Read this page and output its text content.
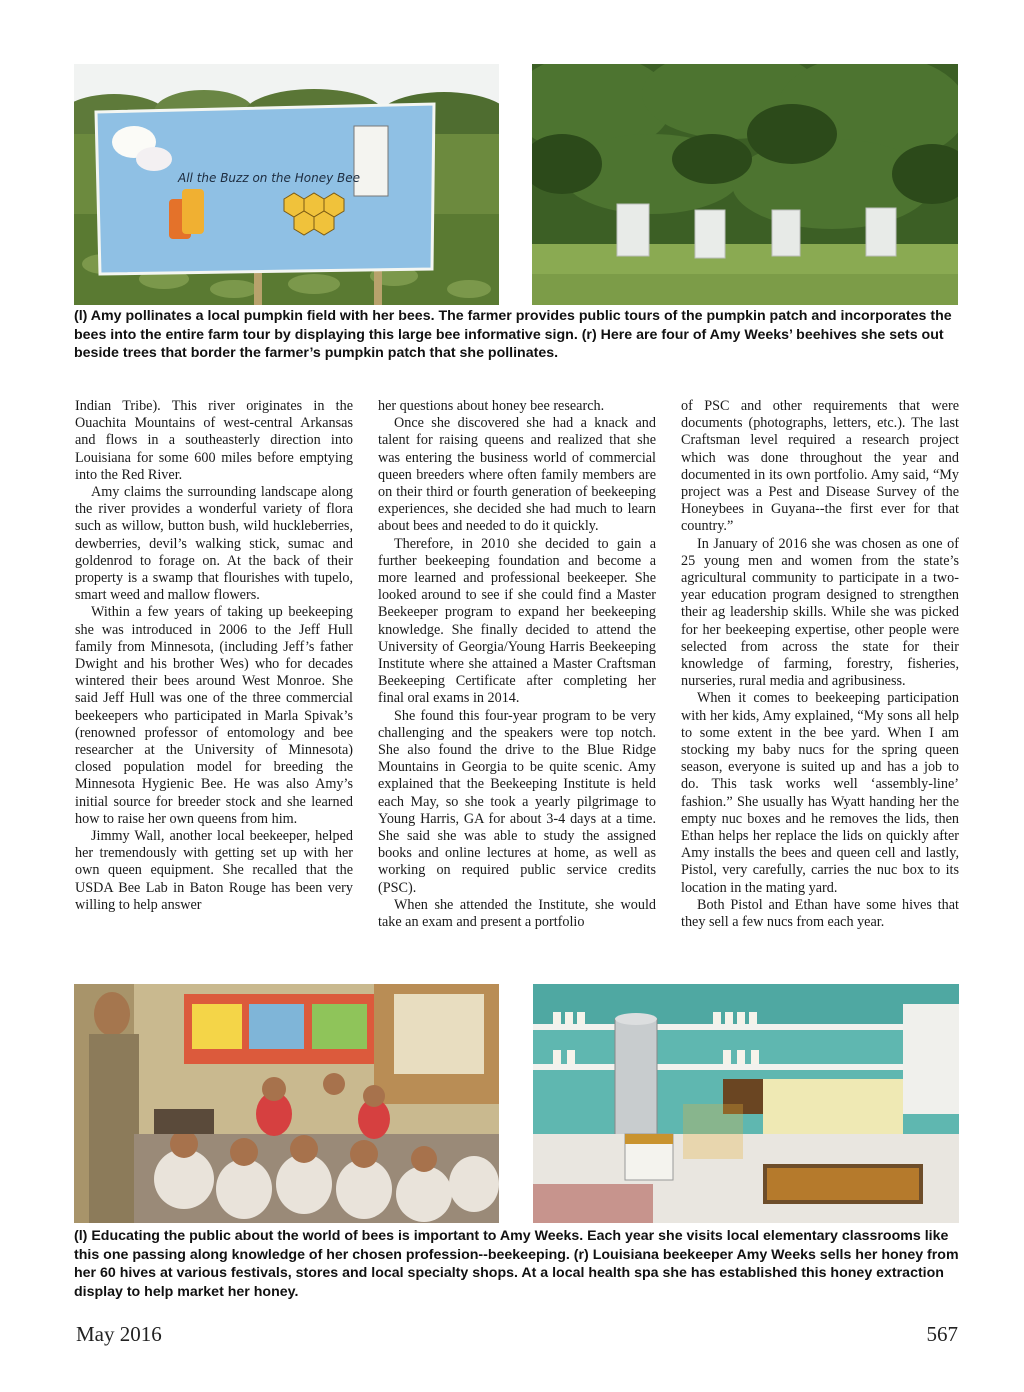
All the Buzz on the Honey Bee
(l) Amy pollinates a local pumpkin field with her bees. The farmer provides public tours of the pumpkin patch and incorporates the bees into the entire farm tour by displaying this large bee informative sign. (r) Here are four of Amy Weeks’ beehives she sets out beside trees that border the farmer’s pumpkin patch that she pollinates.

Indian Tribe). This river originates in the Ouachita Mountains of west-central Arkansas and flows in a southeasterly direction into Louisiana for some 600 miles before emptying into the Red River.

Amy claims the surrounding landscape along the river provides a wonderful variety of flora such as willow, button bush, wild huckleberries, dewberries, devil’s walking stick, sumac and goldenrod to forage on. At the back of their property is a swamp that flourishes with tupelo, smart weed and mallow flowers.

Within a few years of taking up beekeeping she was introduced in 2006 to the Jeff Hull family from Minnesota, (including Jeff’s father Dwight and his brother Wes) who for decades wintered their bees around West Monroe. She said Jeff Hull was one of the three commercial beekeepers who participated in Marla Spivak’s (renowned professor of entomology and bee researcher at the University of Minnesota) closed population model for breeding the Minnesota Hygienic Bee. He was also Amy’s initial source for breeder stock and she learned how to raise her own queens from him.

Jimmy Wall, another local beekeeper, helped her tremendously with getting set up with her own queen equipment. She recalled that the USDA Bee Lab in Baton Rouge has been very willing to help answer

her questions about honey bee research.

Once she discovered she had a knack and talent for raising queens and realized that she was entering the business world of commercial queen breeders where often family members are on their third or fourth generation of beekeeping experiences, she decided she had much to learn about bees and needed to do it quickly.

Therefore, in 2010 she decided to gain a further beekeeping foundation and become a more learned and professional beekeeper. She looked around to see if she could find a Master Beekeeper program to expand her beekeeping knowledge. She finally decided to attend the University of Georgia/Young Harris Beekeeping Institute where she attained a Master Craftsman Beekeeping Certificate after completing her final oral exams in 2014.

She found this four-year program to be very challenging and the speakers were top notch. She also found the drive to the Blue Ridge Mountains in Georgia to be quite scenic. Amy explained that the Beekeeping Institute is held each May, so she took a yearly pilgrimage to Young Harris, GA for about 3-4 days at a time. She said she was able to study the assigned books and online lectures at home, as well as working on required public service credits (PSC).

When she attended the Institute, she would take an exam and present a portfolio

of PSC and other requirements that were documents (photographs, letters, etc.). The last Craftsman level required a research project which was done throughout the year and documented in its own portfolio. Amy said, “My project was a Pest and Disease Survey of the Honeybees in Guyana--the first ever for that country.”

In January of 2016 she was chosen as one of 25 young men and women from the state’s agricultural community to participate in a two-year education program designed to strengthen their ag leadership skills. While she was picked for her beekeeping expertise, other people were selected from across the state for their knowledge of farming, forestry, fisheries, nurseries, rural media and agribusiness.

When it comes to beekeeping participation with her kids, Amy explained, “My sons all help to some extent in the bee yard. When I am stocking my baby nucs for the spring queen season, everyone is suited up and has a job to do. This task works well ‘assembly-line’ fashion.” She usually has Wyatt handing her the empty nuc boxes and he removes the lids, then Ethan helps her replace the lids on quickly after Amy installs the bees and queen cell and lastly, Pistol, very carefully, carries the nuc box to its location in the mating yard.

Both Pistol and Ethan have some hives that they sell a few nucs from each year.

(l) Educating the public about the world of bees is important to Amy Weeks. Each year she visits local elementary classrooms like this one passing along knowledge of her chosen profession--beekeeping. (r) Louisiana beekeeper Amy Weeks sells her honey from her 60 hives at various festivals, stores and local specialty shops. At a local health spa she has established this honey extraction display to help market her honey.
May 2016	567
